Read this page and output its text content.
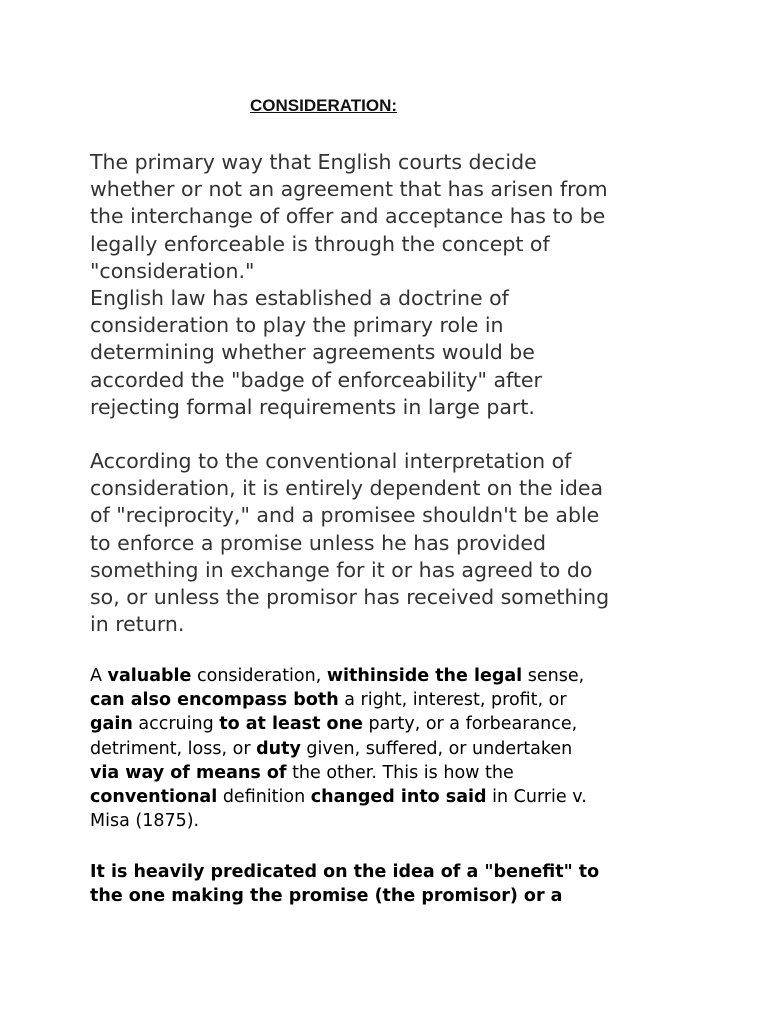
CONSIDERATION:

The primary way that English courts decide
whether or not an agreement that has arisen from
the interchange of offer and acceptance has to be
legally enforceable is through the concept of
"consideration."
English law has established a doctrine of
consideration to play the primary role in
determining whether agreements would be
accorded the "badge of enforceability" after
rejecting formal requirements in large part.

According to the conventional interpretation of
consideration, it is entirely dependent on the idea
of "reciprocity," and a promisee shouldn't be able
to enforce a promise unless he has provided
something in exchange for it or has agreed to do
so, or unless the promisor has received something
in return.

A valuable consideration, withinside the legal sense,
can also encompass both a right, interest, profit, or
gain accruing to at least one party, or a forbearance,
detriment, loss, or duty given, suffered, or undertaken
via way of means of the other. This is how the
conventional definition changed into said in Currie v.
Misa (1875).

It is heavily predicated on the idea of a "benefit" to
the one making the promise (the promisor) or a
